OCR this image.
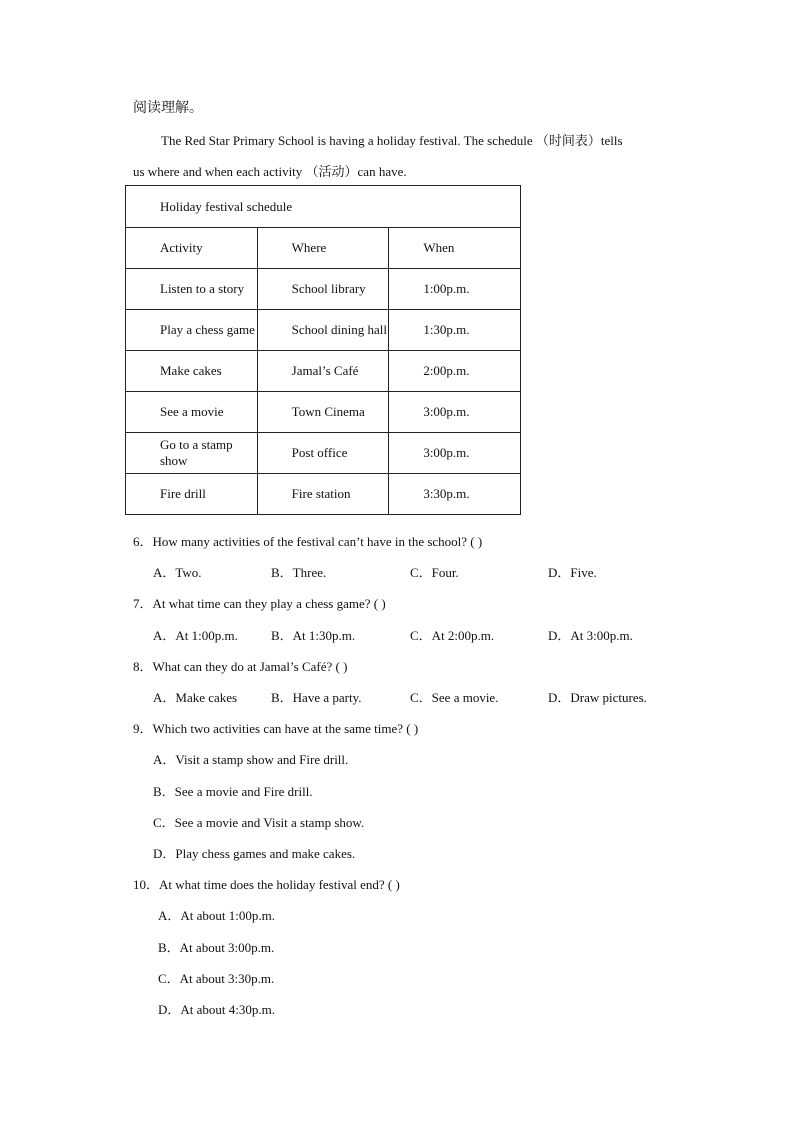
阅读理解。
The Red Star Primary School is having a holiday festival. The schedule （时间表）tells
us where and when each activity （活动）can have.
Holiday festival schedule		
Activity	Where	When
Listen to a story	School library	1:00p.m.
Play a chess game	School dining hall	1:30p.m.
Make cakes	Jamal’s Café	2:00p.m.
See a movie	Town Cinema	3:00p.m.
Go to a stamp show	Post office	3:00p.m.
Fire drill	Fire station	3:30p.m.
6．How many activities of the festival can’t have in the school? ( )
A．Two.	B．Three.	C．Four.	D．Five.
7．At what time can they play a chess game? ( )
A．At 1:00p.m.	B．At 1:30p.m.	C．At 2:00p.m.	D．At 3:00p.m.
8．What can they do at Jamal’s Café? ( )
A．Make cakes	B．Have a party.	C．See a movie.	D．Draw pictures.
9．Which two activities can have at the same time? ( )
A．Visit a stamp show and Fire drill.
B．See a movie and Fire drill.
C．See a movie and Visit a stamp show.
D．Play chess games and make cakes.
10．At what time does the holiday festival end? ( )
A．At about 1:00p.m.
B．At about 3:00p.m.
C．At about 3:30p.m.
D．At about 4:30p.m.
